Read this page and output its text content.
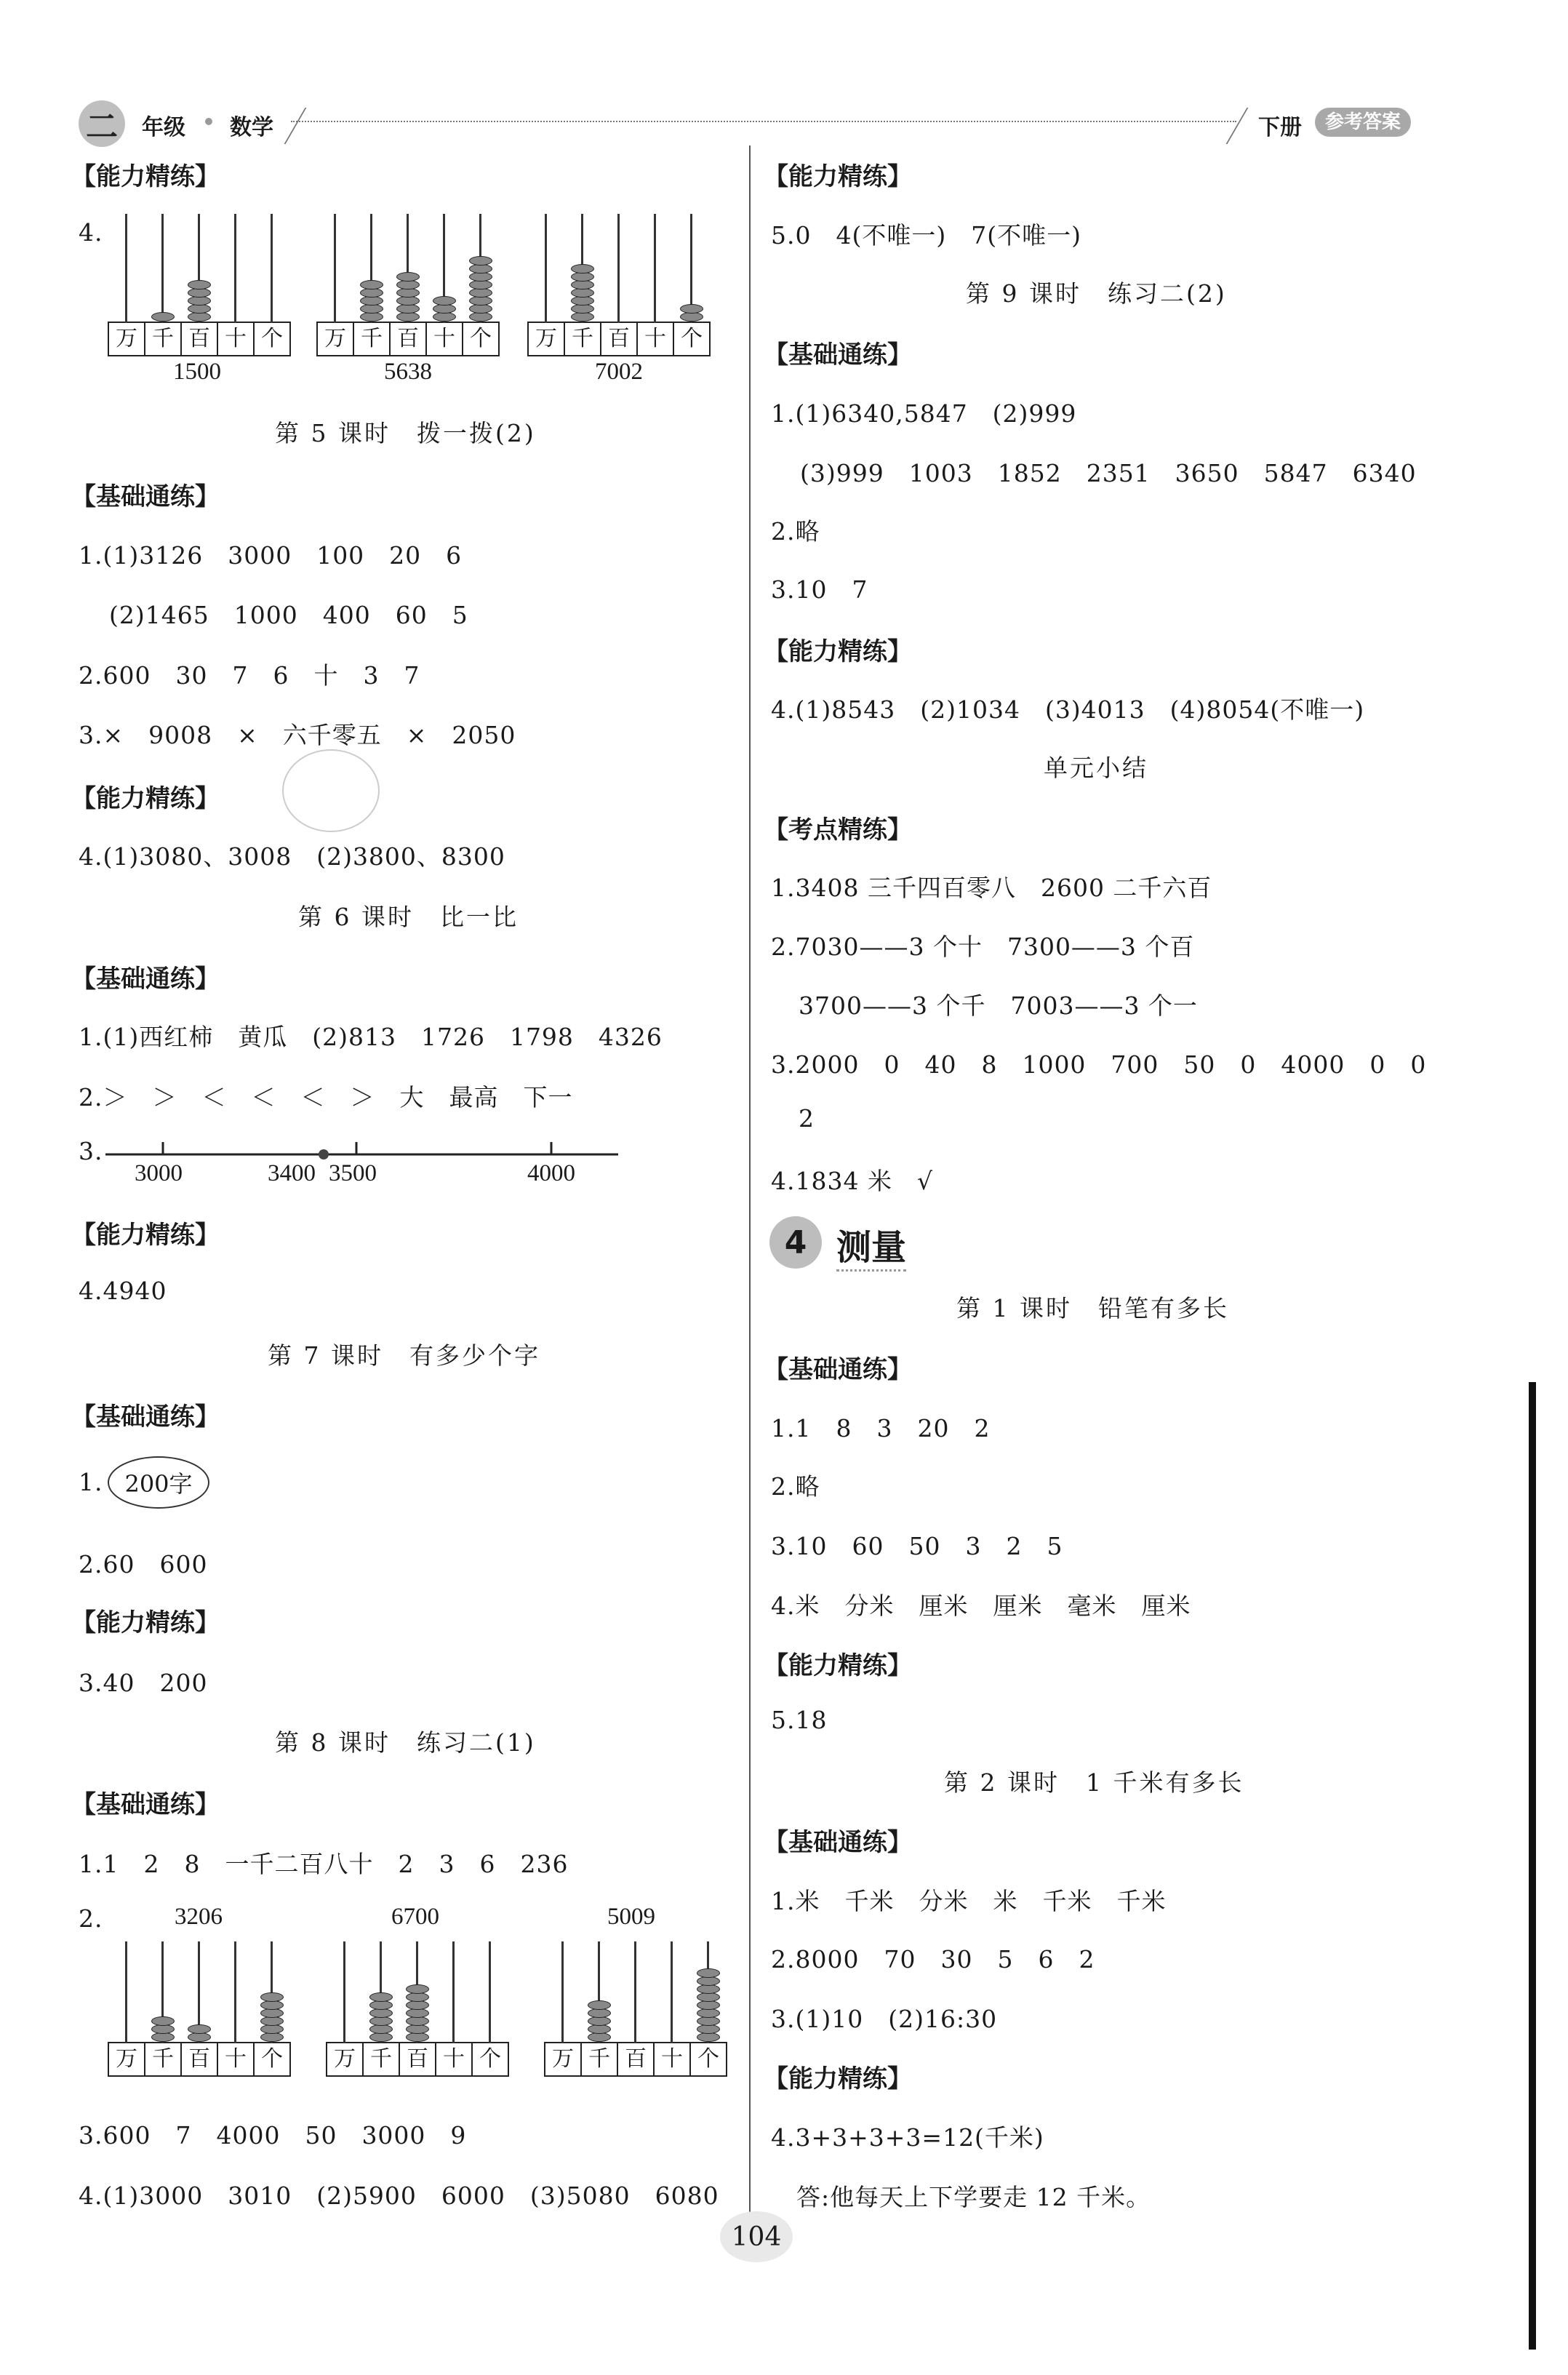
二	年级 数学	下册	参考答案
【能力精练】
4.
万 千 百 十 个
1500
万 千 百 十 个
5638
万 千 百 十 个
7002
第 5 课时　拨一拨(2)
【基础通练】
1.(1)3126　3000　100　20　6
(2)1465　1000　400　60　5
2.600　30　7　6　十　3　7
3.×　9008　×　六千零五　×　2050
【能力精练】
4.(1)3080、3008　(2)3800、8300
第 6 课时　比一比
【基础通练】
1.(1)西红柿　黄瓜　(2)813　1726　1798　4326
2.＞　＞　＜　＜　＜　＞　大　最高　下一
3.
3000	3400 3500	4000
【能力精练】
4.4940
第 7 课时　有多少个字
【基础通练】
1. 200字
2.60　600
【能力精练】
3.40　200
第 8 课时　练习二(1)
【基础通练】
1.1　2　8　一千二百八十　2　3　6　236
2.	3206	6700	5009
万 千 百 十 个	万 千 百 十 个	万 千 百 十 个
3.600　7　4000　50　3000　9
4.(1)3000　3010　(2)5900　6000　(3)5080　6080
【能力精练】
5.0　4(不唯一)　7(不唯一)
第 9 课时　练习二(2)
【基础通练】
1.(1)6340,5847　(2)999
(3)999　1003　1852　2351　3650　5847　6340
2.略
3.10　7
【能力精练】
4.(1)8543　(2)1034　(3)4013　(4)8054(不唯一)
单元小结
【考点精练】
1.3408 三千四百零八　2600 二千六百
2.7030——3 个十　7300——3 个百
3700——3 个千　7003——3 个一
3.2000　0　40　8　1000　700　50　0　4000　0　0
2
4.1834 米　√
4 测量
第 1 课时　铅笔有多长
【基础通练】
1.1　8　3　20　2
2.略
3.10　60　50　3　2　5
4.米　分米　厘米　厘米　毫米　厘米
【能力精练】
5.18
第 2 课时　1 千米有多长
【基础通练】
1.米　千米　分米　米　千米　千米
2.8000　70　30　5　6　2
3.(1)10　(2)16:30
【能力精练】
4.3+3+3+3=12(千米)
答:他每天上下学要走 12 千米。
104
